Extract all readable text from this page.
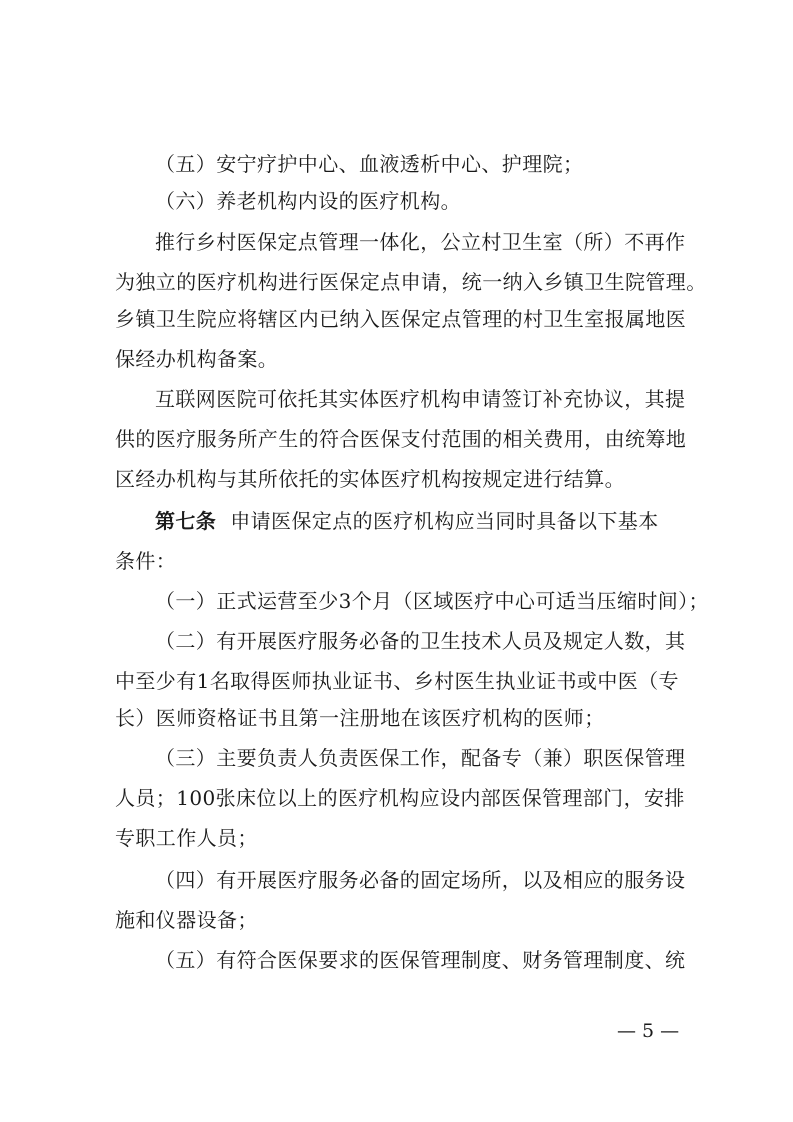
（五）安宁疗护中心、血液透析中心、护理院；
（六）养老机构内设的医疗机构。
推行乡村医保定点管理一体化，公立村卫生室（所）不再作
为独立的医疗机构进行医保定点申请，统一纳入乡镇卫生院管理。
乡镇卫生院应将辖区内已纳入医保定点管理的村卫生室报属地医
保经办机构备案。
互联网医院可依托其实体医疗机构申请签订补充协议，其提
供的医疗服务所产生的符合医保支付范围的相关费用，由统筹地
区经办机构与其所依托的实体医疗机构按规定进行结算。
第七条 申请医保定点的医疗机构应当同时具备以下基本
条件：
（一）正式运营至少3个月（区域医疗中心可适当压缩时间）；
（二）有开展医疗服务必备的卫生技术人员及规定人数，其
中至少有1名取得医师执业证书、乡村医生执业证书或中医（专
长）医师资格证书且第一注册地在该医疗机构的医师；
（三）主要负责人负责医保工作，配备专（兼）职医保管理
人员；100张床位以上的医疗机构应设内部医保管理部门，安排
专职工作人员；
（四）有开展医疗服务必备的固定场所，以及相应的服务设
施和仪器设备；
（五）有符合医保要求的医保管理制度、财务管理制度、统
— 5 —
